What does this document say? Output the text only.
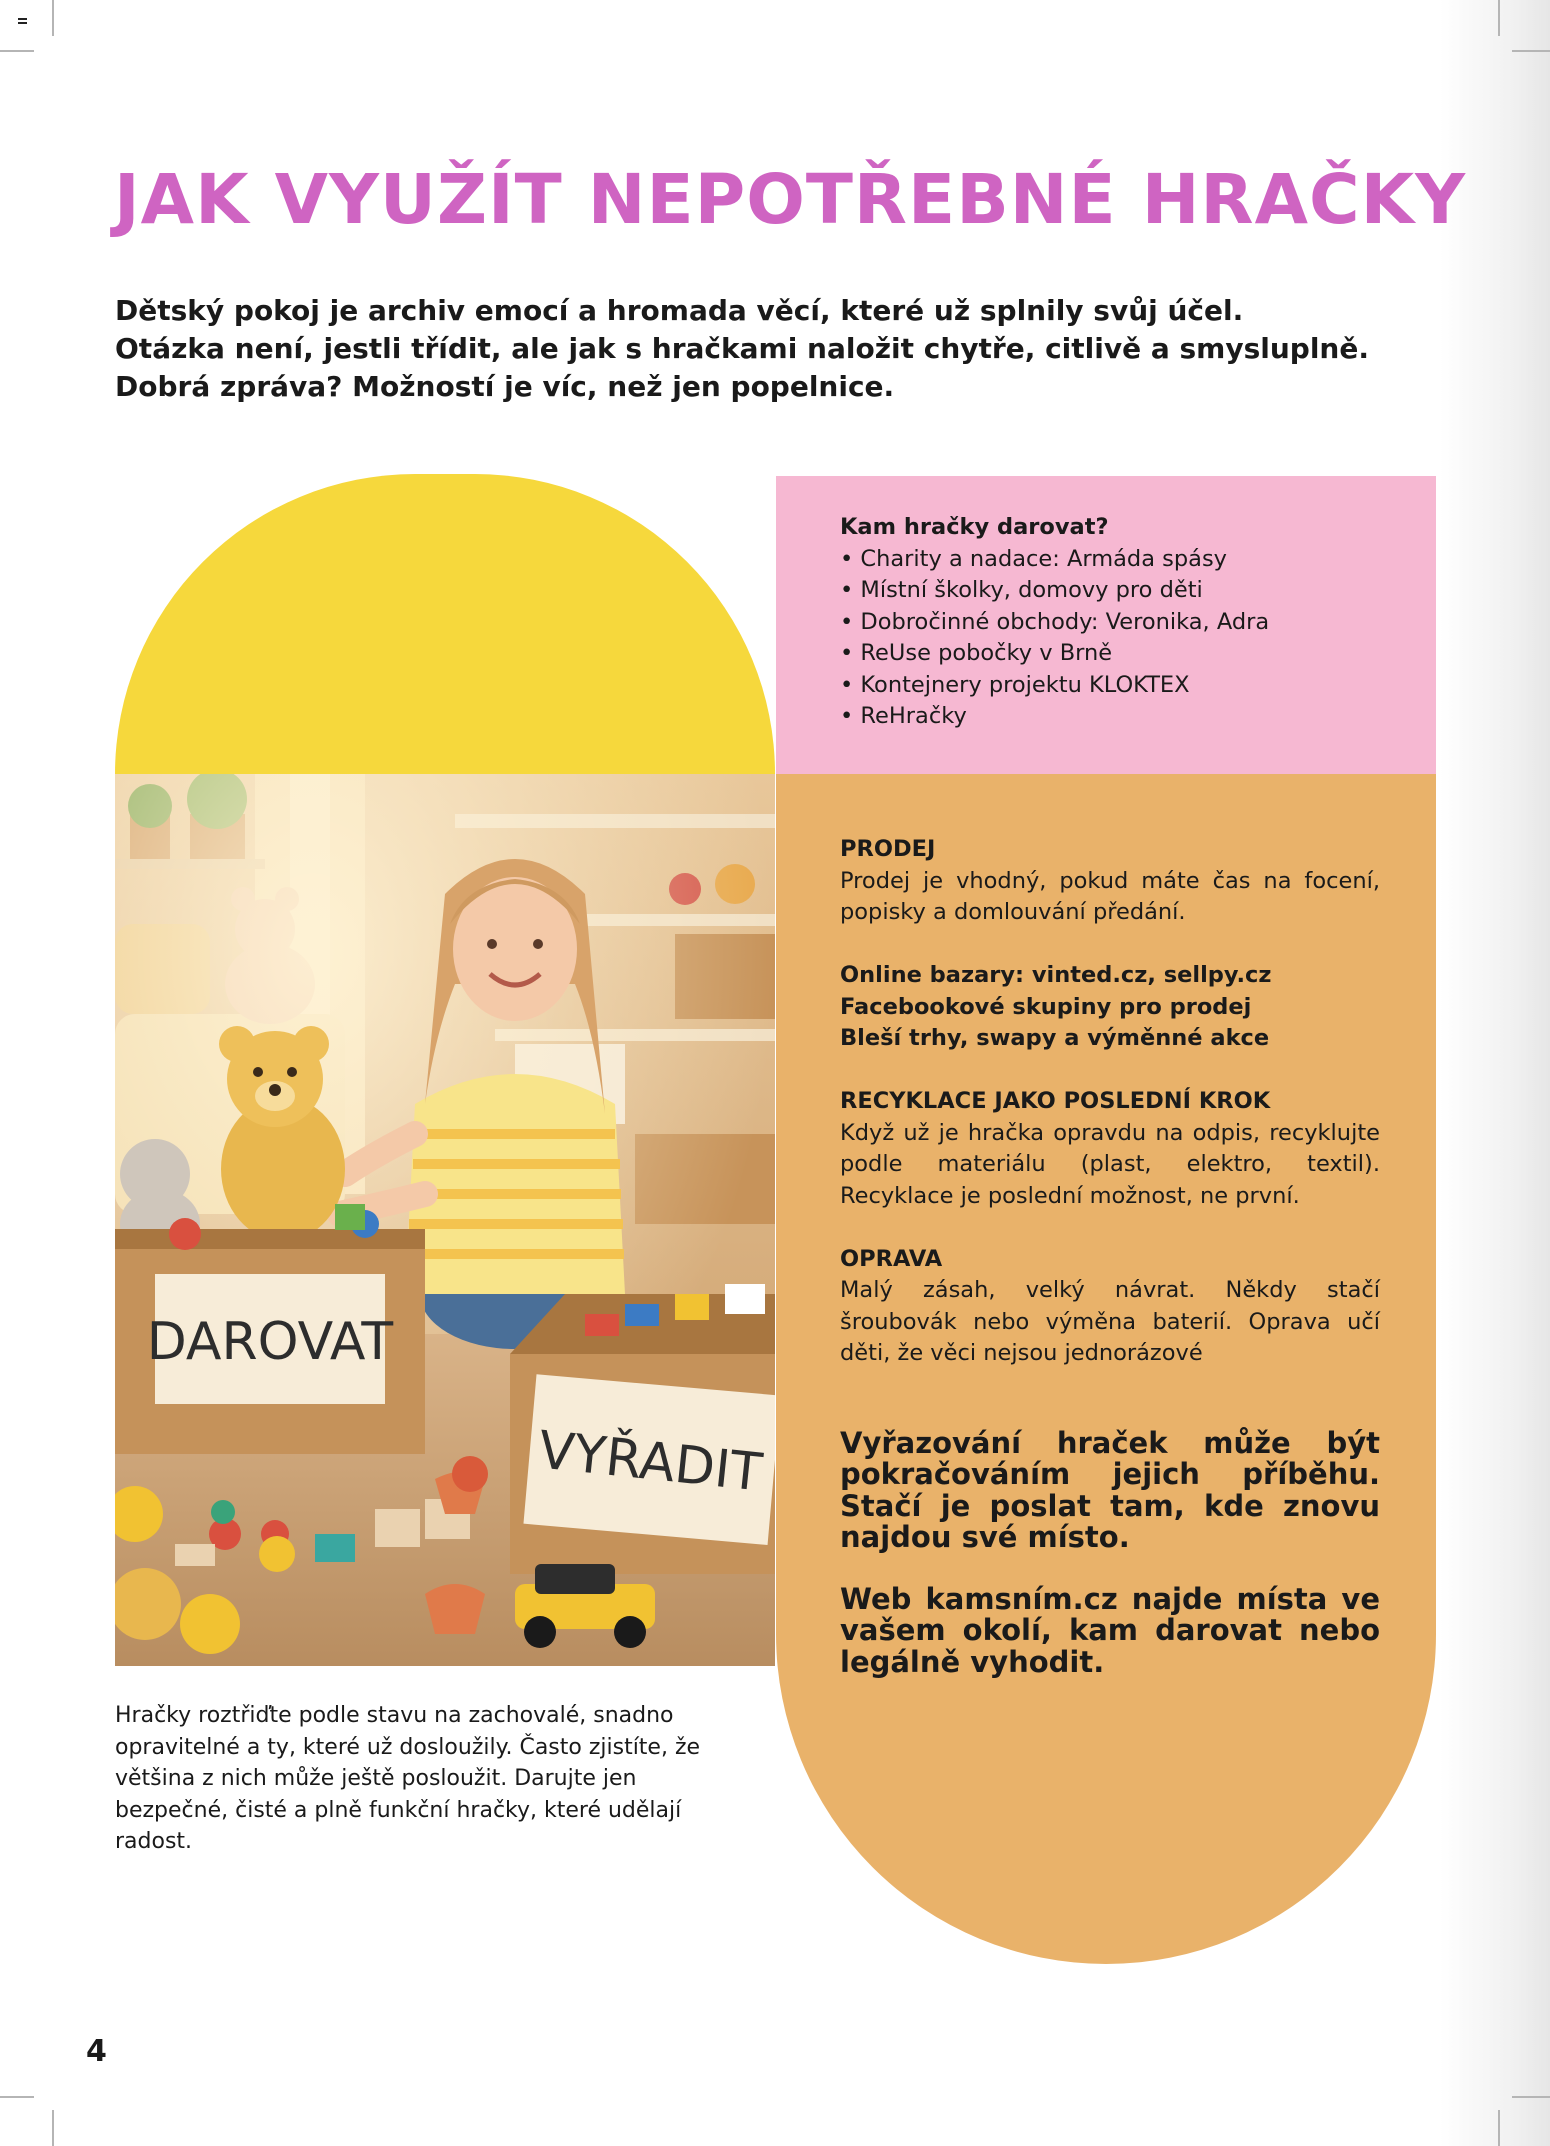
JAK VYUŽÍT NEPOTŘEBNÉ HRAČKY
Dětský pokoj je archiv emocí a hromada věcí, které už splnily svůj účel.
Otázka není, jestli třídit, ale jak s hračkami naložit chytře, citlivě a smysluplně.
Dobrá zpráva? Možností je víc, než jen popelnice.
DAROVAT
VYŘADIT
Hračky roztřiďte podle stavu na zachovalé, snadno opravitelné a ty, které už dosloužily. Často zjistíte, že většina z nich může ještě posloužit. Darujte jen bezpečné, čisté a plně funkční hračky, které udělají radost.
Kam hračky darovat?
• Charity a nadace: Armáda spásy
• Místní školky, domovy pro děti
• Dobročinné obchody: Veronika, Adra
• ReUse pobočky v Brně
• Kontejnery projektu KLOKTEX
• ReHračky
PRODEJ
Prodej je vhodný, pokud máte čas na focení, popisky a domlouvání předání.
Online bazary: vinted.cz, sellpy.cz
Facebookové skupiny pro prodej
Bleší trhy, swapy a výměnné akce
RECYKLACE JAKO POSLEDNÍ KROK
Když už je hračka opravdu na odpis, recyklujte podle materiálu (plast, elektro, textil). Recyklace je poslední možnost, ne první.
OPRAVA
Malý zásah, velký návrat. Někdy stačí šroubovák nebo výměna baterií. Oprava učí děti, že věci nejsou jednorázové
Vyřazování hraček může být pokračováním jejich příběhu. Stačí je poslat tam, kde znovu najdou své místo.
Web kamsním.cz najde místa ve vašem okolí, kam darovat nebo legálně vyhodit.
4
